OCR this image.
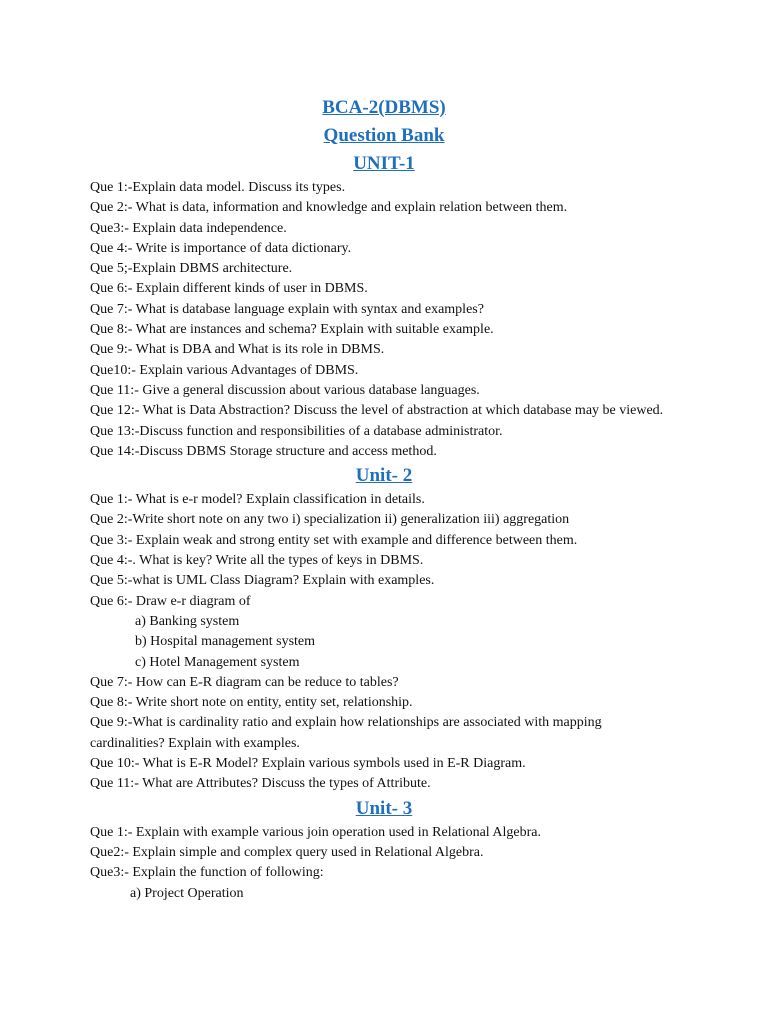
BCA-2(DBMS)

Question Bank

UNIT-1

Que 1:-Explain data model. Discuss its types.

Que 2:- What is data, information and knowledge and explain relation between them.

Que3:- Explain data independence.

Que 4:- Write is importance of data dictionary.

Que 5;-Explain DBMS architecture.

Que 6:- Explain different kinds of user in DBMS.

Que 7:- What is database language explain with syntax and examples?

Que 8:- What are instances and schema? Explain with suitable example.

Que 9:- What is DBA and What is its role in DBMS.

Que10:- Explain various Advantages of DBMS.

Que 11:- Give a general discussion about various database languages.

Que 12:- What is Data Abstraction? Discuss the level of abstraction at which database may be viewed.

Que 13:-Discuss function and responsibilities of a database administrator.

Que 14:-Discuss DBMS Storage structure and access method.

Unit- 2

Que 1:- What is e-r model? Explain classification in details.

Que 2:-Write short note on any two i) specialization ii) generalization iii) aggregation

Que 3:- Explain weak and strong entity set with example and difference between them.

Que 4:-. What is key? Write all the types of keys in DBMS.

Que 5:-what is UML Class Diagram? Explain with examples.

Que 6:- Draw e-r diagram of

a) Banking system

b) Hospital management system

c) Hotel Management system

Que 7:- How can E-R diagram can be reduce to tables?

Que 8:- Write short note on entity, entity set, relationship.

Que 9:-What is cardinality ratio and explain how relationships are associated with mapping cardinalities? Explain with examples.

Que 10:- What is E-R Model? Explain various symbols used in E-R Diagram.

Que 11:- What are Attributes? Discuss the types of Attribute.

Unit- 3

Que 1:- Explain with example various join operation used in Relational Algebra.

Que2:- Explain simple and complex query used in Relational Algebra.

Que3:- Explain the function of following:

a) Project Operation
